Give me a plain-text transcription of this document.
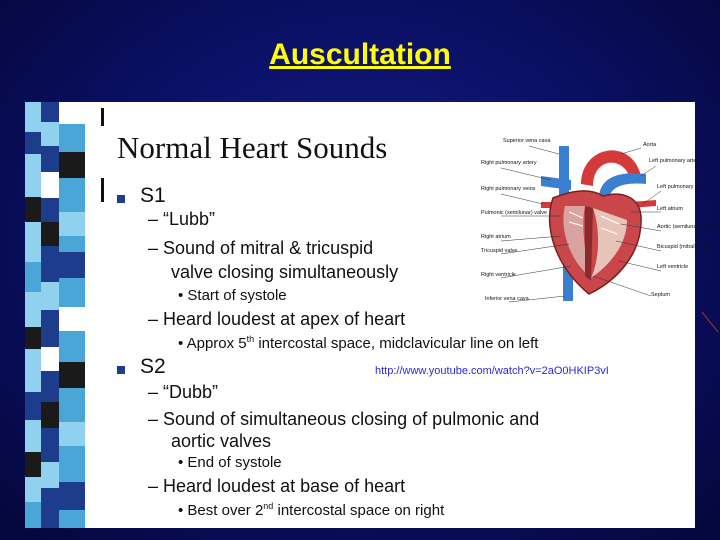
Auscultation
Normal Heart Sounds
S1
– “Lubb”
– Sound of mitral & tricuspid
valve closing simultaneously
• Start of systole
– Heard loudest at apex of heart
• Approx 5th intercostal space, midclavicular line on left
S2
– “Dubb”
– Sound of simultaneous closing of pulmonic and
aortic valves
• End of systole
– Heard loudest at base of heart
• Best over 2nd intercostal space on right
http://www.youtube.com/watch?v=2aO0HKIP3vI
Superior vena cava
Aorta
Right pulmonary artery	Left pulmonary artery
Right pulmonary veins	Left pulmonary veins
Pulmonic (semilunar) valve
Left atrium
Right atrium
Aortic (semilunar) valve
Tricuspid valve
Bicuspid (mitral) valve
Right ventricle
Left ventricle
Inferior vena cava
Septum
